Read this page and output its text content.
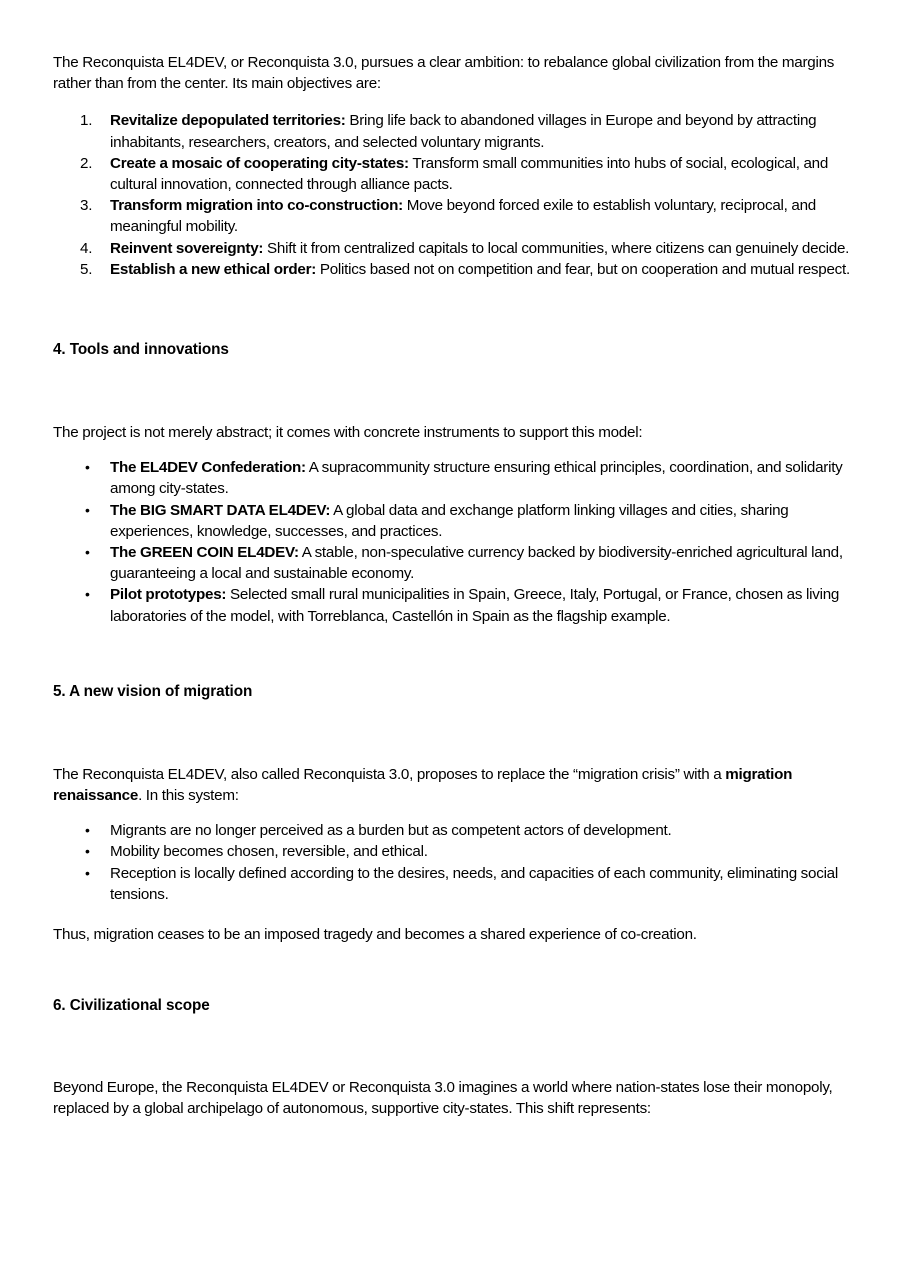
The Reconquista EL4DEV, or Reconquista 3.0, pursues a clear ambition: to rebalance global civilization from the margins rather than from the center. Its main objectives are:

1.	Revitalize depopulated territories: Bring life back to abandoned villages in Europe and beyond by attracting inhabitants, researchers, creators, and selected voluntary migrants.
2.	Create a mosaic of cooperating city-states: Transform small communities into hubs of social, ecological, and cultural innovation, connected through alliance pacts.
3.	Transform migration into co-construction: Move beyond forced exile to establish voluntary, reciprocal, and meaningful mobility.
4.	Reinvent sovereignty: Shift it from centralized capitals to local communities, where citizens can genuinely decide.
5.	Establish a new ethical order: Politics based not on competition and fear, but on cooperation and mutual respect.
4. Tools and innovations

The project is not merely abstract; it comes with concrete instruments to support this model:

• The EL4DEV Confederation: A supracommunity structure ensuring ethical principles, coordination, and solidarity among city-states.
• The BIG SMART DATA EL4DEV: A global data and exchange platform linking villages and cities, sharing experiences, knowledge, successes, and practices.
• The GREEN COIN EL4DEV: A stable, non-speculative currency backed by biodiversity-enriched agricultural land, guaranteeing a local and sustainable economy.
• Pilot prototypes: Selected small rural municipalities in Spain, Greece, Italy, Portugal, or France, chosen as living laboratories of the model, with Torreblanca, Castellón in Spain as the flagship example.
5. A new vision of migration

The Reconquista EL4DEV, also called Reconquista 3.0, proposes to replace the “migration crisis” with a migration renaissance. In this system:

• Migrants are no longer perceived as a burden but as competent actors of development.
• Mobility becomes chosen, reversible, and ethical.
• Reception is locally defined according to the desires, needs, and capacities of each community, eliminating social tensions.

Thus, migration ceases to be an imposed tragedy and becomes a shared experience of co-creation.

6. Civilizational scope

Beyond Europe, the Reconquista EL4DEV or Reconquista 3.0 imagines a world where nation-states lose their monopoly, replaced by a global archipelago of autonomous, supportive city-states. This shift represents:
